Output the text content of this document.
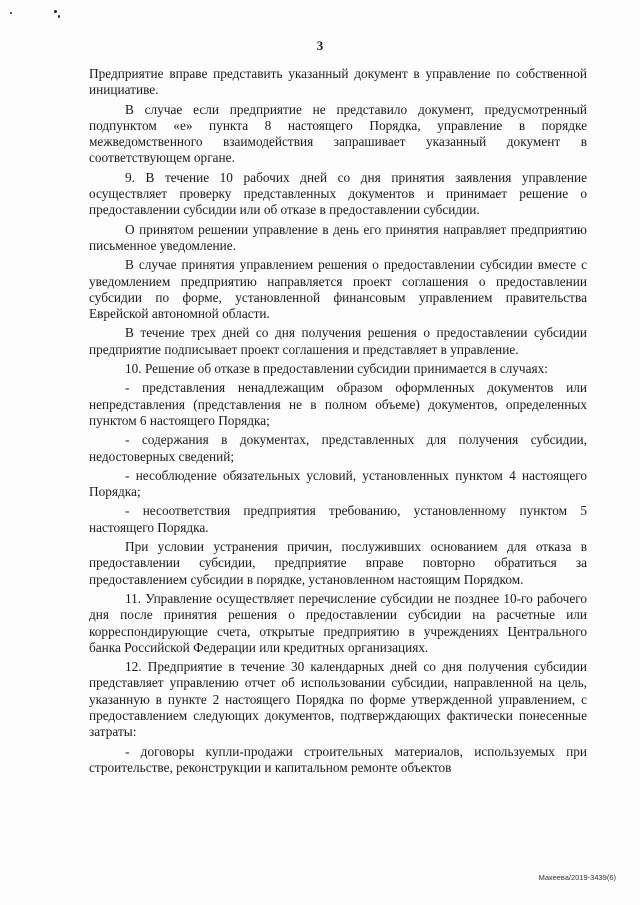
3

Предприятие вправе представить указанный документ в управление по собственной инициативе.

В случае если предприятие не представило документ, предусмотренный подпунктом «е» пункта 8 настоящего Порядка, управление в порядке межведомственного взаимодействия запрашивает указанный документ в соответствующем органе.

9. В течение 10 рабочих дней со дня принятия заявления управление осуществляет проверку представленных документов и принимает решение о предоставлении субсидии или об отказе в предоставлении субсидии.

О принятом решении управление в день его принятия направляет предприятию письменное уведомление.

В случае принятия управлением решения о предоставлении субсидии вместе с уведомлением предприятию направляется проект соглашения о предоставлении субсидии по форме, установленной финансовым управлением правительства Еврейской автономной области.

В течение трех дней со дня получения решения о предоставлении субсидии предприятие подписывает проект соглашения и представляет в управление.

10. Решение об отказе в предоставлении субсидии принимается в случаях:

- представления ненадлежащим образом оформленных документов или непредставления (представления не в полном объеме) документов, определенных пунктом 6 настоящего Порядка;

- содержания в документах, представленных для получения субсидии, недостоверных сведений;

- несоблюдение обязательных условий, установленных пунктом 4 настоящего Порядка;

- несоответствия предприятия требованию, установленному пунктом 5 настоящего Порядка.

При условии устранения причин, послуживших основанием для отказа в предоставлении субсидии, предприятие вправе повторно обратиться за предоставлением субсидии в порядке, установленном настоящим Порядком.

11. Управление осуществляет перечисление субсидии не позднее 10-го рабочего дня после принятия решения о предоставлении субсидии на расчетные или корреспондирующие счета, открытые предприятию в учреждениях Центрального банка Российской Федерации или кредитных организациях.

12. Предприятие в течение 30 календарных дней со дня получения субсидии представляет управлению отчет об использовании субсидии, направленной на цель, указанную в пункте 2 настоящего Порядка по форме утвержденной управлением, с предоставлением следующих документов, подтверждающих фактически понесенные затраты:

- договоры купли-продажи строительных материалов, используемых при строительстве, реконструкции и капитальном ремонте объектов

Макеева/2019-3439(6)
